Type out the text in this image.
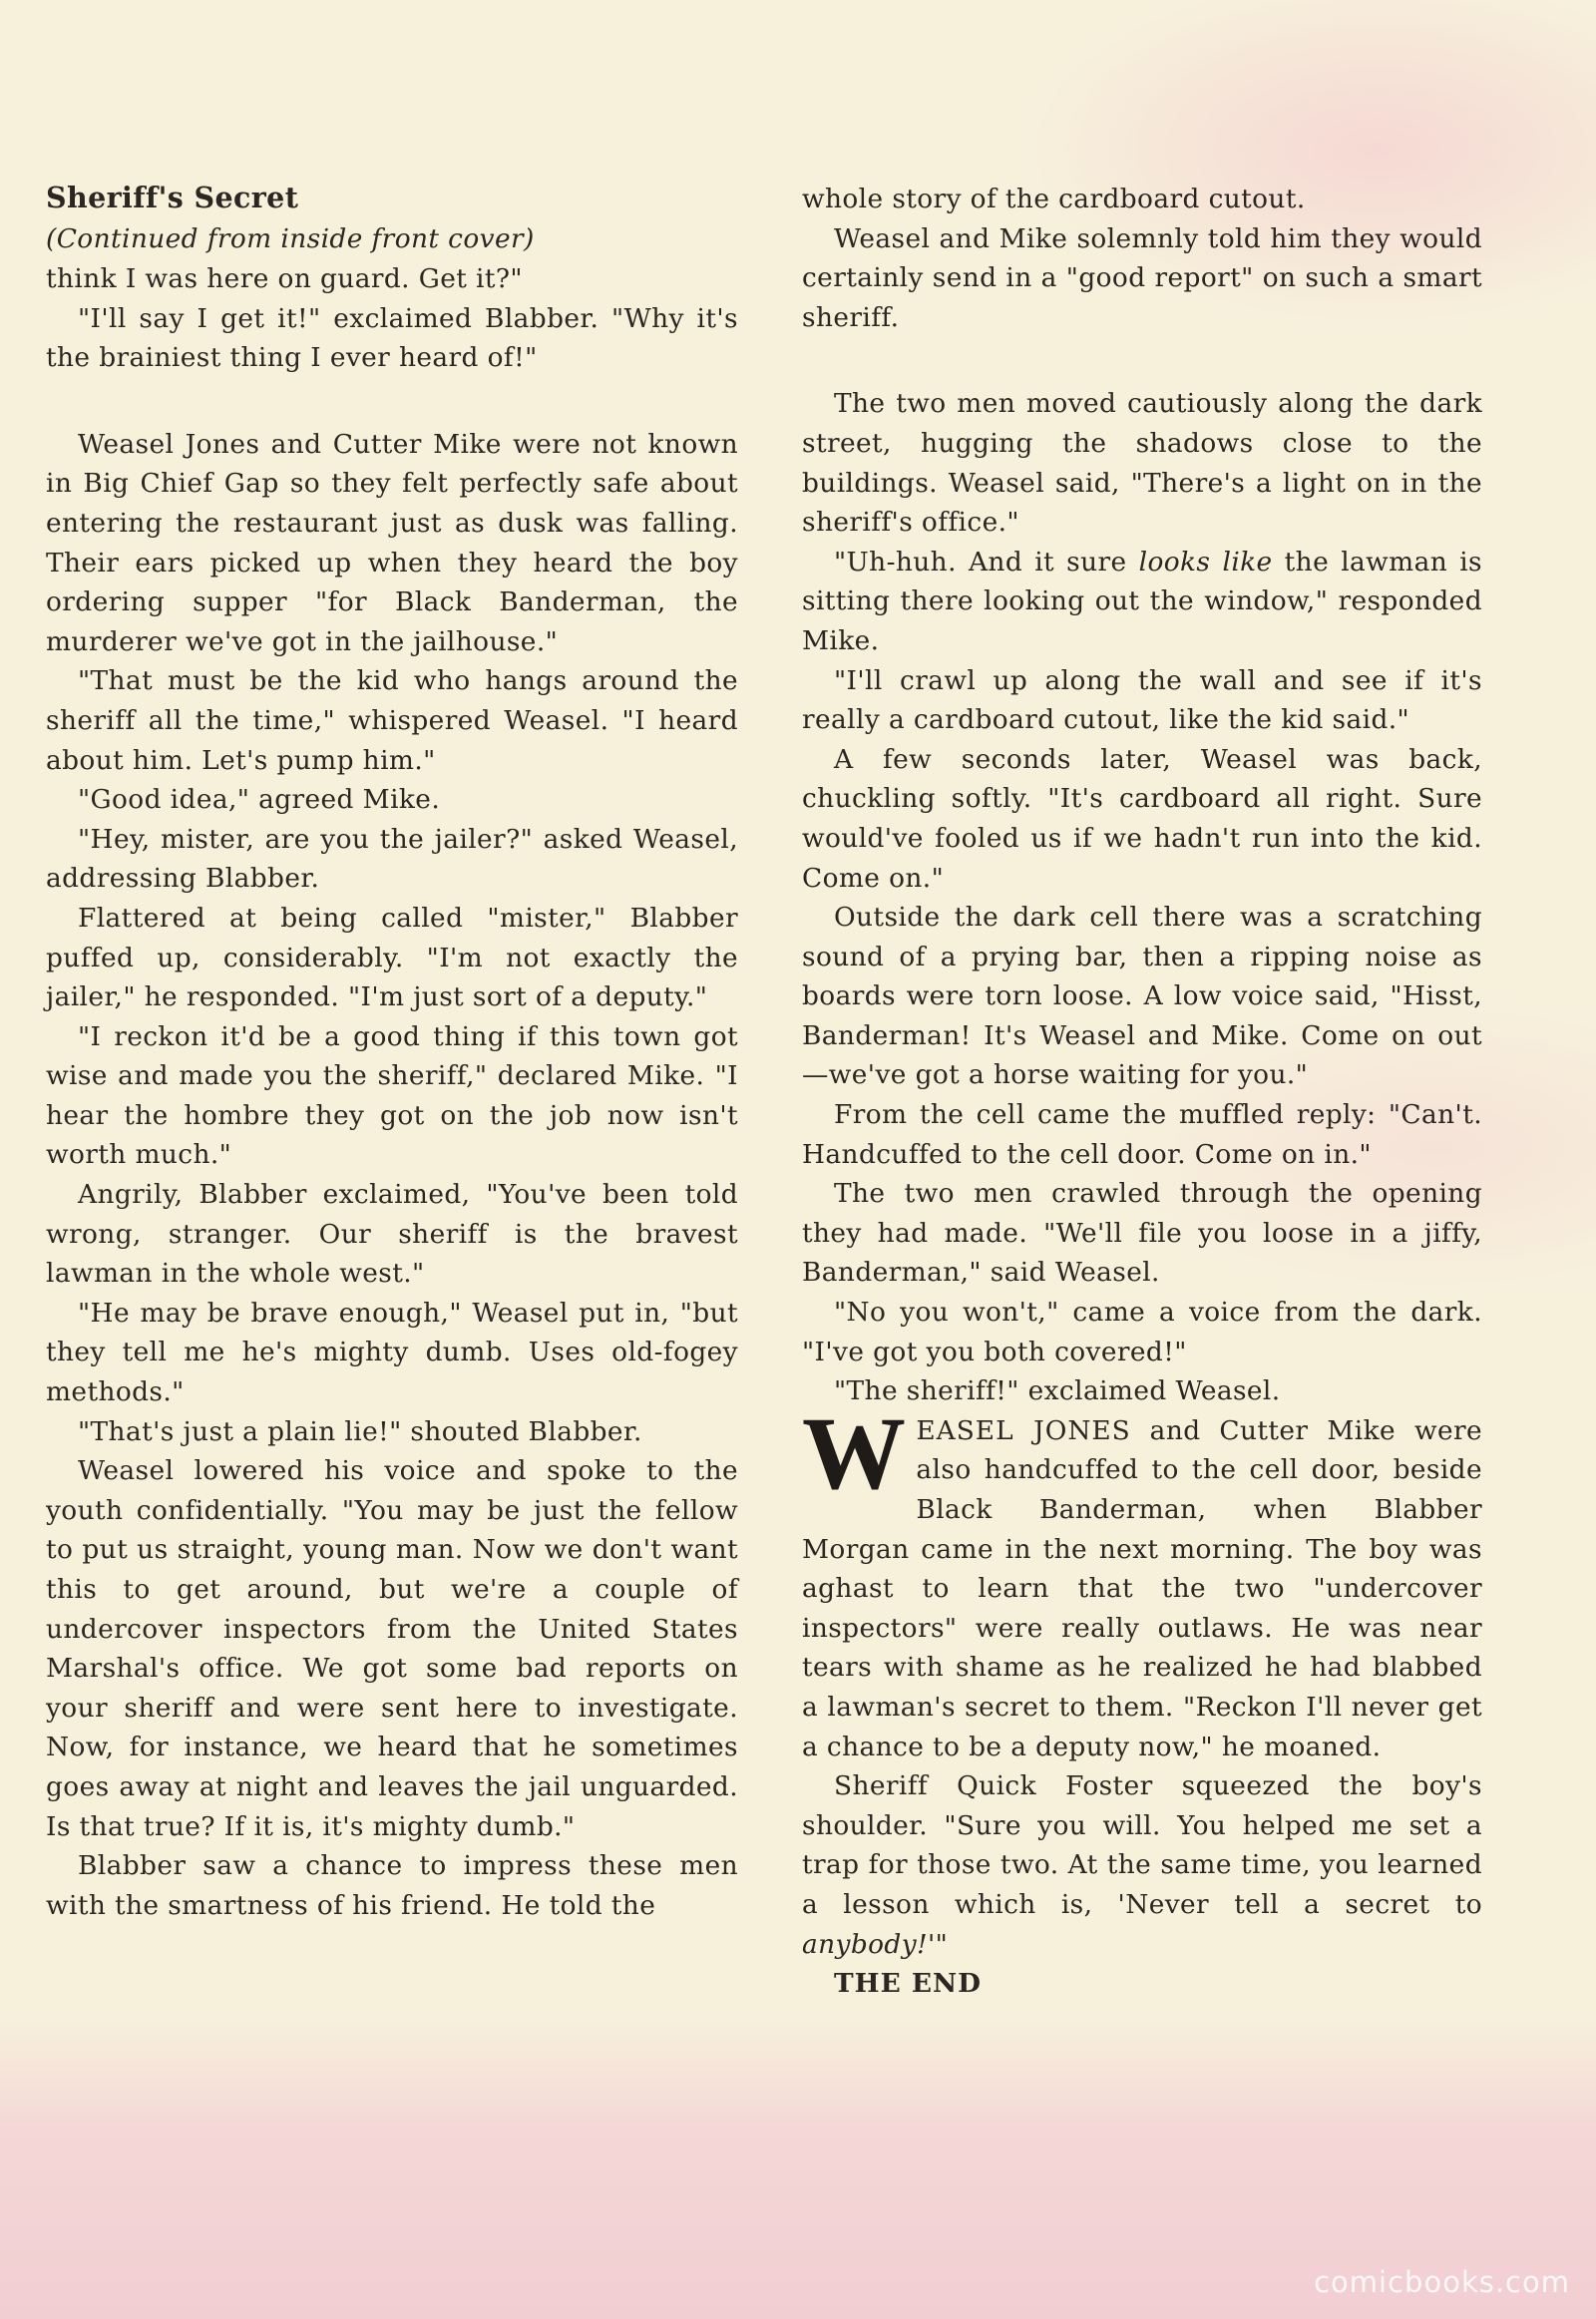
Sheriff's Secret

(Continued from inside front cover)

think I was here on guard. Get it?"

"I'll say I get it!" exclaimed Blabber. "Why it's the brainiest thing I ever heard of!"

Weasel Jones and Cutter Mike were not known in Big Chief Gap so they felt perfectly safe about entering the restaurant just as dusk was falling. Their ears picked up when they heard the boy ordering supper "for Black Banderman, the murderer we've got in the jailhouse."

"That must be the kid who hangs around the sheriff all the time," whispered Weasel. "I heard about him. Let's pump him."

"Good idea," agreed Mike.

"Hey, mister, are you the jailer?" asked Weasel, addressing Blabber.

Flattered at being called "mister," Blabber puffed up, considerably. "I'm not exactly the jailer," he responded. "I'm just sort of a deputy."

"I reckon it'd be a good thing if this town got wise and made you the sheriff," declared Mike. "I hear the hombre they got on the job now isn't worth much."

Angrily, Blabber exclaimed, "You've been told wrong, stranger. Our sheriff is the bravest lawman in the whole west."

"He may be brave enough," Weasel put in, "but they tell me he's mighty dumb. Uses old-fogey methods."

"That's just a plain lie!" shouted Blabber.

Weasel lowered his voice and spoke to the youth confidentially. "You may be just the fellow to put us straight, young man. Now we don't want this to get around, but we're a couple of undercover inspectors from the United States Marshal's office. We got some bad reports on your sheriff and were sent here to investigate. Now, for instance, we heard that he sometimes goes away at night and leaves the jail unguarded. Is that true? If it is, it's mighty dumb."

Blabber saw a chance to impress these men with the smartness of his friend. He told the

whole story of the cardboard cutout.

Weasel and Mike solemnly told him they would certainly send in a "good report" on such a smart sheriff.

The two men moved cautiously along the dark street, hugging the shadows close to the buildings. Weasel said, "There's a light on in the sheriff's office."

"Uh-huh. And it sure looks like the lawman is sitting there looking out the window," responded Mike.

"I'll crawl up along the wall and see if it's really a cardboard cutout, like the kid said."

A few seconds later, Weasel was back, chuckling softly. "It's cardboard all right. Sure would've fooled us if we hadn't run into the kid. Come on."

Outside the dark cell there was a scratching sound of a prying bar, then a ripping noise as boards were torn loose. A low voice said, "Hisst, Banderman! It's Weasel and Mike. Come on out—we've got a horse waiting for you."

From the cell came the muffled reply: "Can't. Handcuffed to the cell door. Come on in."

The two men crawled through the opening they had made. "We'll file you loose in a jiffy, Banderman," said Weasel.

"No you won't," came a voice from the dark. "I've got you both covered!"

"The sheriff!" exclaimed Weasel.

WEASEL JONES and Cutter Mike were also handcuffed to the cell door, beside Black Banderman, when Blabber Morgan came in the next morning. The boy was aghast to learn that the two "undercover inspectors" were really outlaws. He was near tears with shame as he realized he had blabbed a lawman's secret to them. "Reckon I'll never get a chance to be a deputy now," he moaned.

Sheriff Quick Foster squeezed the boy's shoulder. "Sure you will. You helped me set a trap for those two. At the same time, you learned a lesson which is, 'Never tell a secret to anybody!'"

THE END

comicbooks.com
